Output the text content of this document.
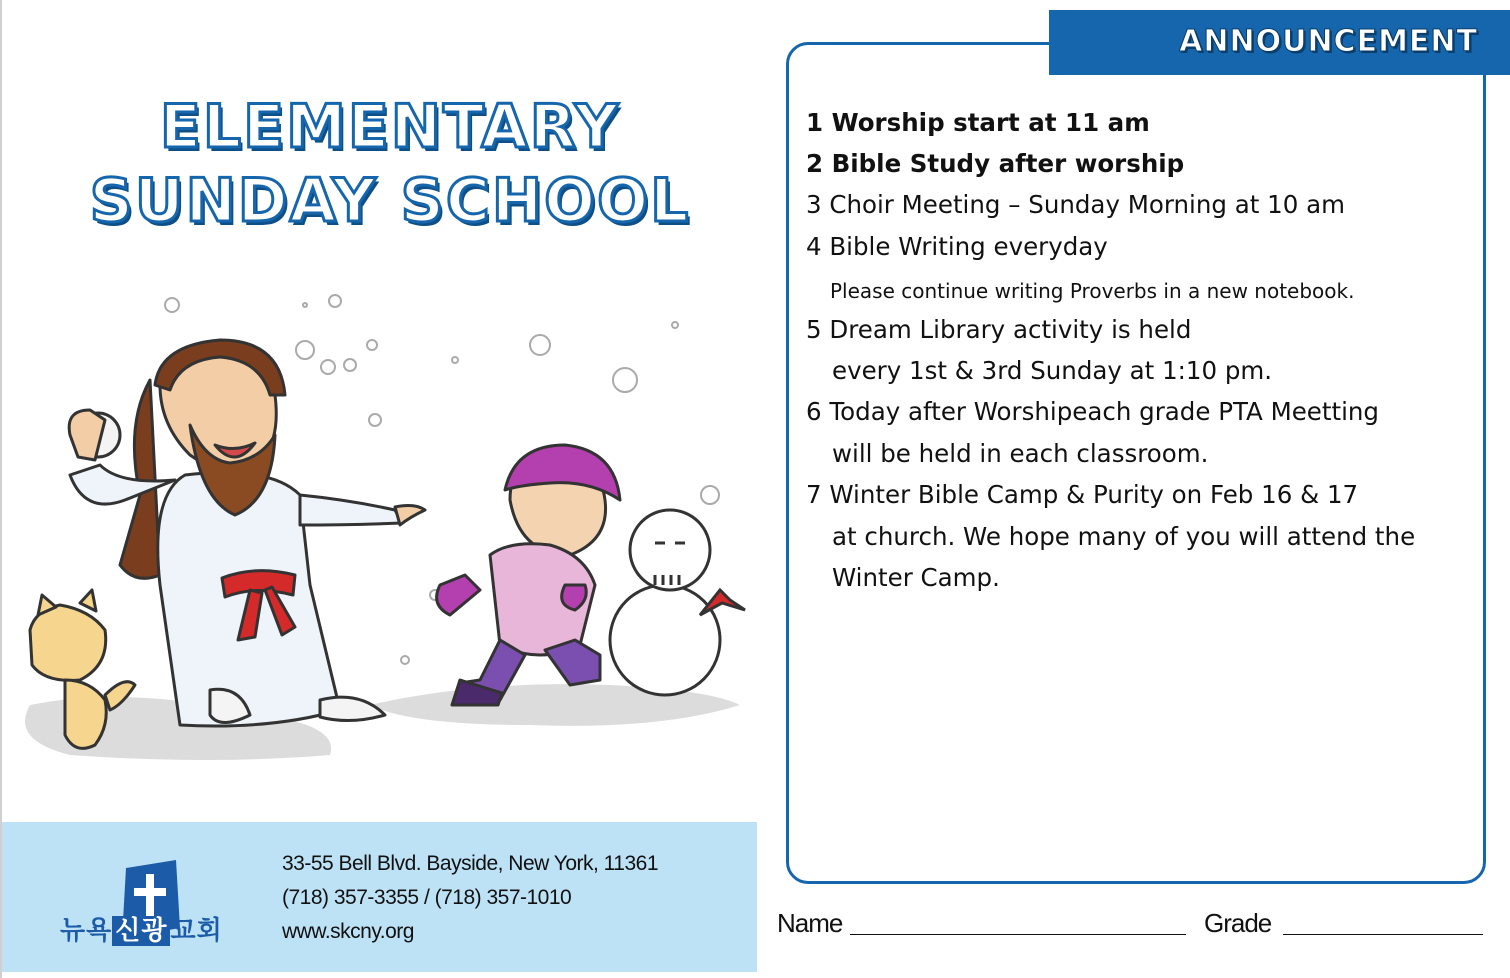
ELEMENTARY
SUNDAY SCHOOL
뉴욕 신광 교회
33-55 Bell Blvd. Bayside, New York, 11361
(718) 357-3355 / (718) 357-1010
www.skcny.org
ANNOUNCEMENT
1 Worship start at 11 am
2 Bible Study after worship
3 Choir Meeting – Sunday Morning at 10 am
4 Bible Writing everyday
Please continue writing Proverbs in a new notebook.
5 Dream Library activity is held
every 1st & 3rd Sunday at 1:10 pm.
6 Today after Worshipeach grade PTA Meetting
will be held in each classroom.
7 Winter Bible Camp & Purity on Feb 16 & 17
at church. We hope many of you will attend the
Winter Camp.
Name	Grade
